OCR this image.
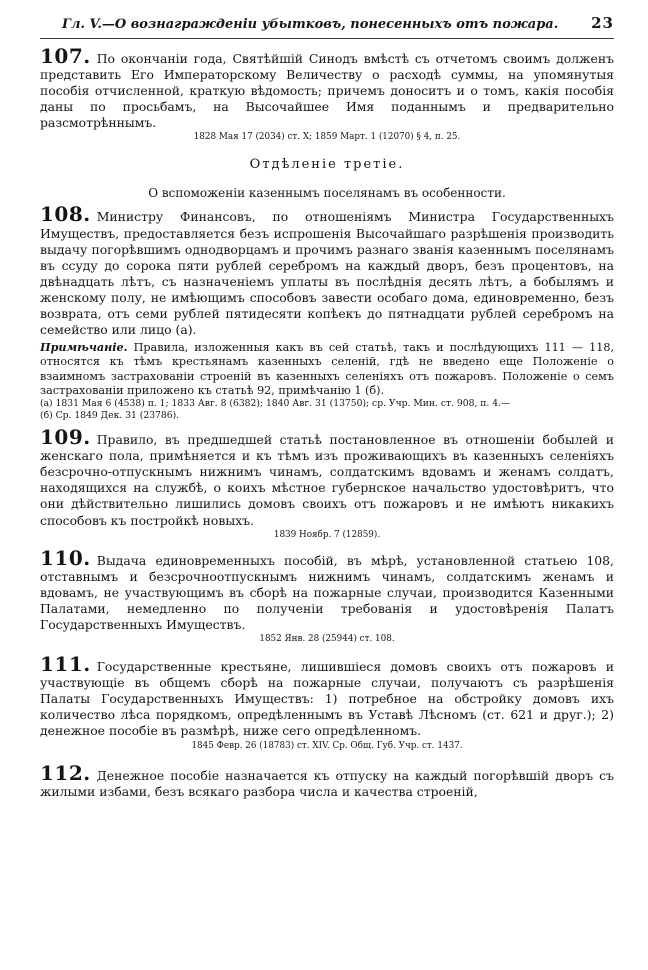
Гл. V.—О вознагражденiи убытковъ, понесенныхъ отъ пожара. 23

107. По окончанiи года, Святѣйшiй Синодъ вмѣстѣ съ отчетомъ своимъ долженъ представить Его Императорскому Величеству о расходѣ суммы, на упомянутыя пособiя отчисленной, краткую вѣдомость; причемъ доноситъ и о томъ, какiя пособiя даны по просьбамъ, на Высочайшее Имя поданнымъ и предварительно разсмотрѣннымъ.

1828 Мая 17 (2034) ст. X; 1859 Март. 1 (12070) § 4, п. 25.

Отдѣленiе третiе.
О вспоможенiи казеннымъ поселянамъ въ особенности.

108. Министру Финансовъ, по отношенiямъ Министра Государственныхъ Имуществъ, предоставляется безъ испрошенiя Высочайшаго разрѣшенiя производить выдачу погорѣвшимъ однодворцамъ и прочимъ разнаго званiя казеннымъ поселянамъ въ ссуду до сорока пяти рублей серебромъ на каждый дворъ, безъ процентовъ, на двѣнадцать лѣтъ, съ назначенiемъ уплаты въ послѣднiя десять лѣтъ, а бобылямъ и женскому полу, не имѣющимъ способовъ завести особаго дома, единовременно, безъ возврата, отъ семи рублей пятидесяти копѣекъ до пятнадцати рублей серебромъ на семейство или лицо (а).

Примѣчанiе. Правила, изложенныя какъ въ сей статьѣ, такъ и послѣдующихъ 111 — 118, относятся къ тѣмъ крестьянамъ казенныхъ селенiй, гдѣ не введено еще Положенiе о взаимномъ застрахованiи строенiй въ казенныхъ селенiяхъ отъ пожаровъ. Положенiе о семъ застрахованiи приложено къ статьѣ 92, примѣчанiю 1 (б).

(а) 1831 Мая 6 (4538) п. 1; 1833 Авг. 8 (6382); 1840 Авг. 31 (13750); ср. Учр. Мин. ст. 908, п. 4.—

(б) Ср. 1849 Дек. 31 (23786).

109. Правило, въ предшедшей статьѣ постановленное въ отношенiи бобылей и женскаго пола, примѣняется и къ тѣмъ изъ проживающихъ въ казенныхъ селенiяхъ безсрочно-отпускнымъ нижнимъ чинамъ, солдатскимъ вдовамъ и женамъ солдатъ, находящихся на службѣ, о коихъ мѣстное губернское начальство удостовѣритъ, что они дѣйствительно лишились домовъ своихъ отъ пожаровъ и не имѣютъ никакихъ способовъ къ постройкѣ новыхъ.

1839 Ноябр. 7 (12859).

110. Выдача единовременныхъ пособiй, въ мѣрѣ, установленной статьею 108, отставнымъ и безсрочноотпускнымъ нижнимъ чинамъ, солдатскимъ женамъ и вдовамъ, не участвующимъ въ сборѣ на пожарные случаи, производится Казенными Палатами, немедленно по полученiи требованiя и удостовѣренiя Палатъ Государственныхъ Имуществъ.

1852 Янв. 28 (25944) ст. 108.

111. Государственные крестьяне, лишившiеся домовъ своихъ отъ пожаровъ и участвующiе въ общемъ сборѣ на пожарные случаи, получаютъ съ разрѣшенiя Палаты Государственныхъ Имуществъ: 1) потребное на обстройку домовъ ихъ количество лѣса порядкомъ, опредѣленнымъ въ Уставѣ Лѣсномъ (ст. 621 и друг.); 2) денежное пособiе въ размѣрѣ, ниже сего опредѣленномъ.

1845 Февр. 26 (18783) ст. XIV. Ср. Общ. Губ. Учр. ст. 1437.

112. Денежное пособiе назначается къ отпуску на каждый погорѣвшiй дворъ съ жилыми избами, безъ всякаго разбора числа и качества строенiй,
